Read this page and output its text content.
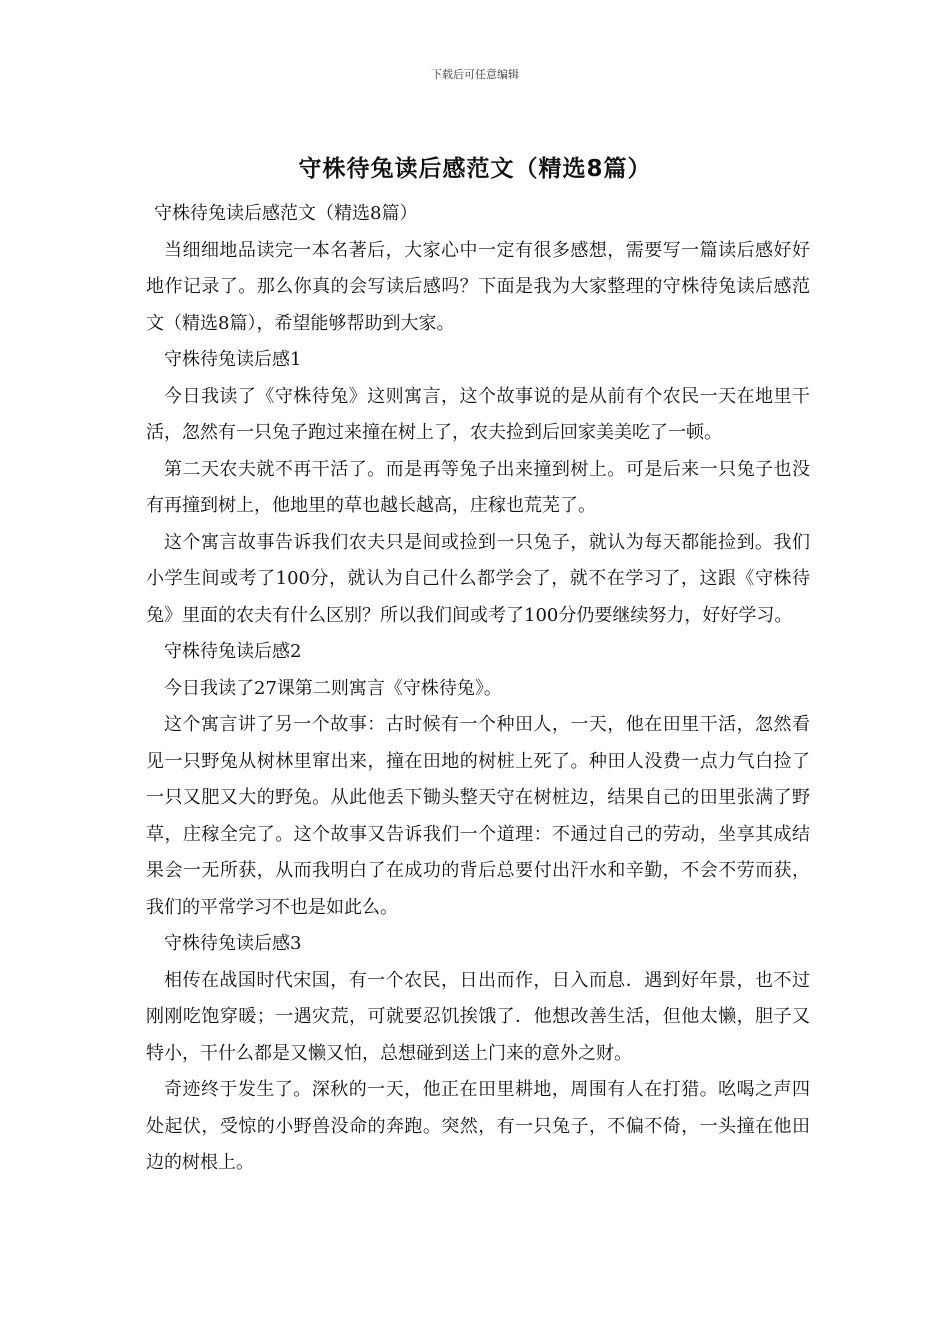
下载后可任意编辑
守株待兔读后感范文（精选8篇）

守株待兔读后感范文（精选8篇）

当细细地品读完一本名著后，大家心中一定有很多感想，需要写一篇读后感好好地作记录了。那么你真的会写读后感吗？下面是我为大家整理的守株待兔读后感范文（精选8篇），希望能够帮助到大家。

守株待兔读后感1

今日我读了《守株待兔》这则寓言，这个故事说的是从前有个农民一天在地里干活，忽然有一只兔子跑过来撞在树上了，农夫捡到后回家美美吃了一顿。

第二天农夫就不再干活了。而是再等兔子出来撞到树上。可是后来一只兔子也没有再撞到树上，他地里的草也越长越高，庄稼也荒芜了。

这个寓言故事告诉我们农夫只是间或捡到一只兔子，就认为每天都能捡到。我们小学生间或考了100分，就认为自己什么都学会了，就不在学习了，这跟《守株待兔》里面的农夫有什么区别？所以我们间或考了100分仍要继续努力，好好学习。

守株待兔读后感2

今日我读了27课第二则寓言《守株待兔》。

这个寓言讲了另一个故事：古时候有一个种田人，一天，他在田里干活，忽然看见一只野兔从树林里窜出来，撞在田地的树桩上死了。种田人没费一点力气白捡了一只又肥又大的野兔。从此他丢下锄头整天守在树桩边，结果自己的田里张满了野草，庄稼全完了。这个故事又告诉我们一个道理：不通过自己的劳动，坐享其成结果会一无所获，从而我明白了在成功的背后总要付出汗水和辛勤，不会不劳而获，我们的平常学习不也是如此么。

守株待兔读后感3

相传在战国时代宋国，有一个农民，日出而作，日入而息．遇到好年景，也不过刚刚吃饱穿暖；一遇灾荒，可就要忍饥挨饿了．他想改善生活，但他太懒，胆子又特小，干什么都是又懒又怕，总想碰到送上门来的意外之财。

奇迹终于发生了。深秋的一天，他正在田里耕地，周围有人在打猎。吆喝之声四处起伏，受惊的小野兽没命的奔跑。突然，有一只兔子，不偏不倚，一头撞在他田边的树根上。
